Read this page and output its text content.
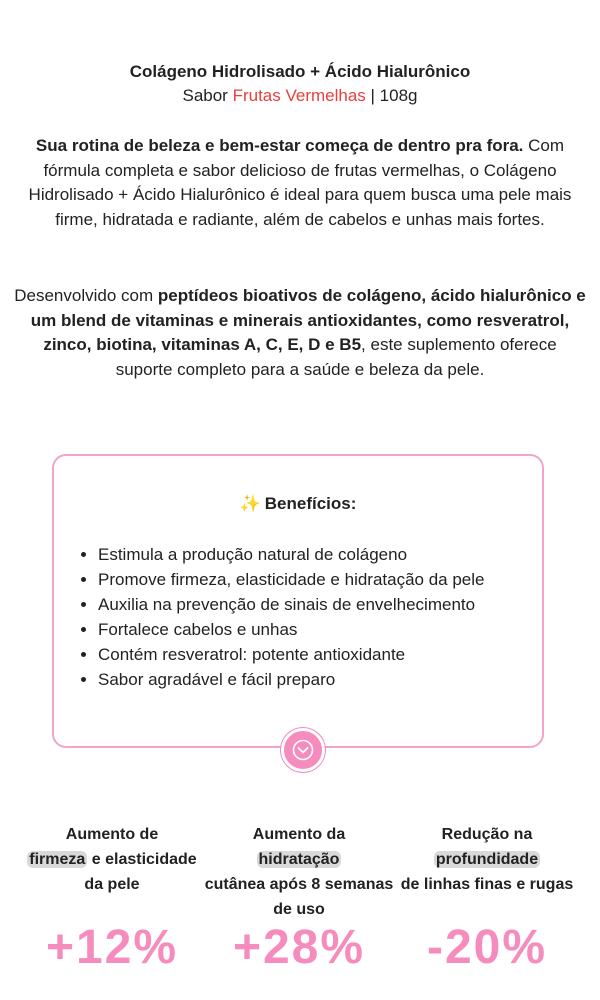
Colágeno Hidrolisado + Ácido Hialurônico
Sabor Frutas Vermelhas | 108g
Sua rotina de beleza e bem-estar começa de dentro pra fora. Com fórmula completa e sabor delicioso de frutas vermelhas, o Colágeno Hidrolisado + Ácido Hialurônico é ideal para quem busca uma pele mais firme, hidratada e radiante, além de cabelos e unhas mais fortes.
Desenvolvido com peptídeos bioativos de colágeno, ácido hialurônico e um blend de vitaminas e minerais antioxidantes, como resveratrol, zinco, biotina, vitaminas A, C, E, D e B5, este suplemento oferece suporte completo para a saúde e beleza da pele.
✨ Benefícios:
• Estimula a produção natural de colágeno
• Promove firmeza, elasticidade e hidratação da pele
• Auxilia na prevenção de sinais de envelhecimento
• Fortalece cabelos e unhas
• Contém resveratrol: potente antioxidante
• Sabor agradável e fácil preparo
Aumento de
firmeza e elasticidade da pele
+12%
Aumento da
hidratação
cutânea após 8 semanas de uso
+28%
Redução na
profundidade
de linhas finas e rugas
-20%
